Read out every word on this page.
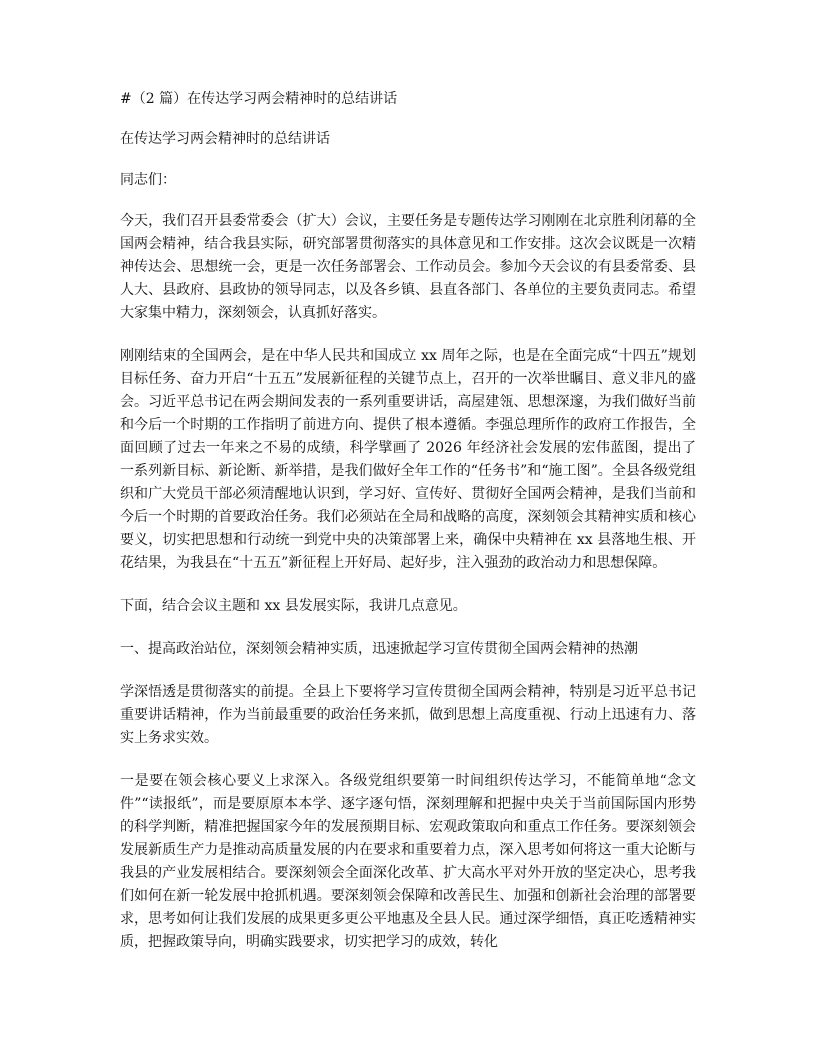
#（2 篇）在传达学习两会精神时的总结讲话

在传达学习两会精神时的总结讲话

同志们：

今天，我们召开县委常委会（扩大）会议，主要任务是专题传达学习刚刚在北京胜利闭幕的全国两会精神，结合我县实际，研究部署贯彻落实的具体意见和工作安排。这次会议既是一次精神传达会、思想统一会，更是一次任务部署会、工作动员会。参加今天会议的有县委常委、县人大、县政府、县政协的领导同志，以及各乡镇、县直各部门、各单位的主要负责同志。希望大家集中精力，深刻领会，认真抓好落实。

刚刚结束的全国两会，是在中华人民共和国成立 xx 周年之际，也是在全面完成“十四五”规划目标任务、奋力开启“十五五”发展新征程的关键节点上，召开的一次举世瞩目、意义非凡的盛会。习近平总书记在两会期间发表的一系列重要讲话，高屋建瓴、思想深邃，为我们做好当前和今后一个时期的工作指明了前进方向、提供了根本遵循。李强总理所作的政府工作报告，全面回顾了过去一年来之不易的成绩，科学擘画了 2026 年经济社会发展的宏伟蓝图，提出了一系列新目标、新论断、新举措，是我们做好全年工作的“任务书”和“施工图”。全县各级党组织和广大党员干部必须清醒地认识到，学习好、宣传好、贯彻好全国两会精神，是我们当前和今后一个时期的首要政治任务。我们必须站在全局和战略的高度，深刻领会其精神实质和核心要义，切实把思想和行动统一到党中央的决策部署上来，确保中央精神在 xx 县落地生根、开花结果，为我县在“十五五”新征程上开好局、起好步，注入强劲的政治动力和思想保障。

下面，结合会议主题和 xx 县发展实际，我讲几点意见。

一、提高政治站位，深刻领会精神实质，迅速掀起学习宣传贯彻全国两会精神的热潮

学深悟透是贯彻落实的前提。全县上下要将学习宣传贯彻全国两会精神，特别是习近平总书记重要讲话精神，作为当前最重要的政治任务来抓，做到思想上高度重视、行动上迅速有力、落实上务求实效。

一是要在领会核心要义上求深入。各级党组织要第一时间组织传达学习，不能简单地“念文件”“读报纸”，而是要原原本本学、逐字逐句悟，深刻理解和把握中央关于当前国际国内形势的科学判断，精准把握国家今年的发展预期目标、宏观政策取向和重点工作任务。要深刻领会发展新质生产力是推动高质量发展的内在要求和重要着力点，深入思考如何将这一重大论断与我县的产业发展相结合。要深刻领会全面深化改革、扩大高水平对外开放的坚定决心，思考我们如何在新一轮发展中抢抓机遇。要深刻领会保障和改善民生、加强和创新社会治理的部署要求，思考如何让我们发展的成果更多更公平地惠及全县人民。通过深学细悟，真正吃透精神实质，把握政策导向，明确实践要求，切实把学习的成效，转化
